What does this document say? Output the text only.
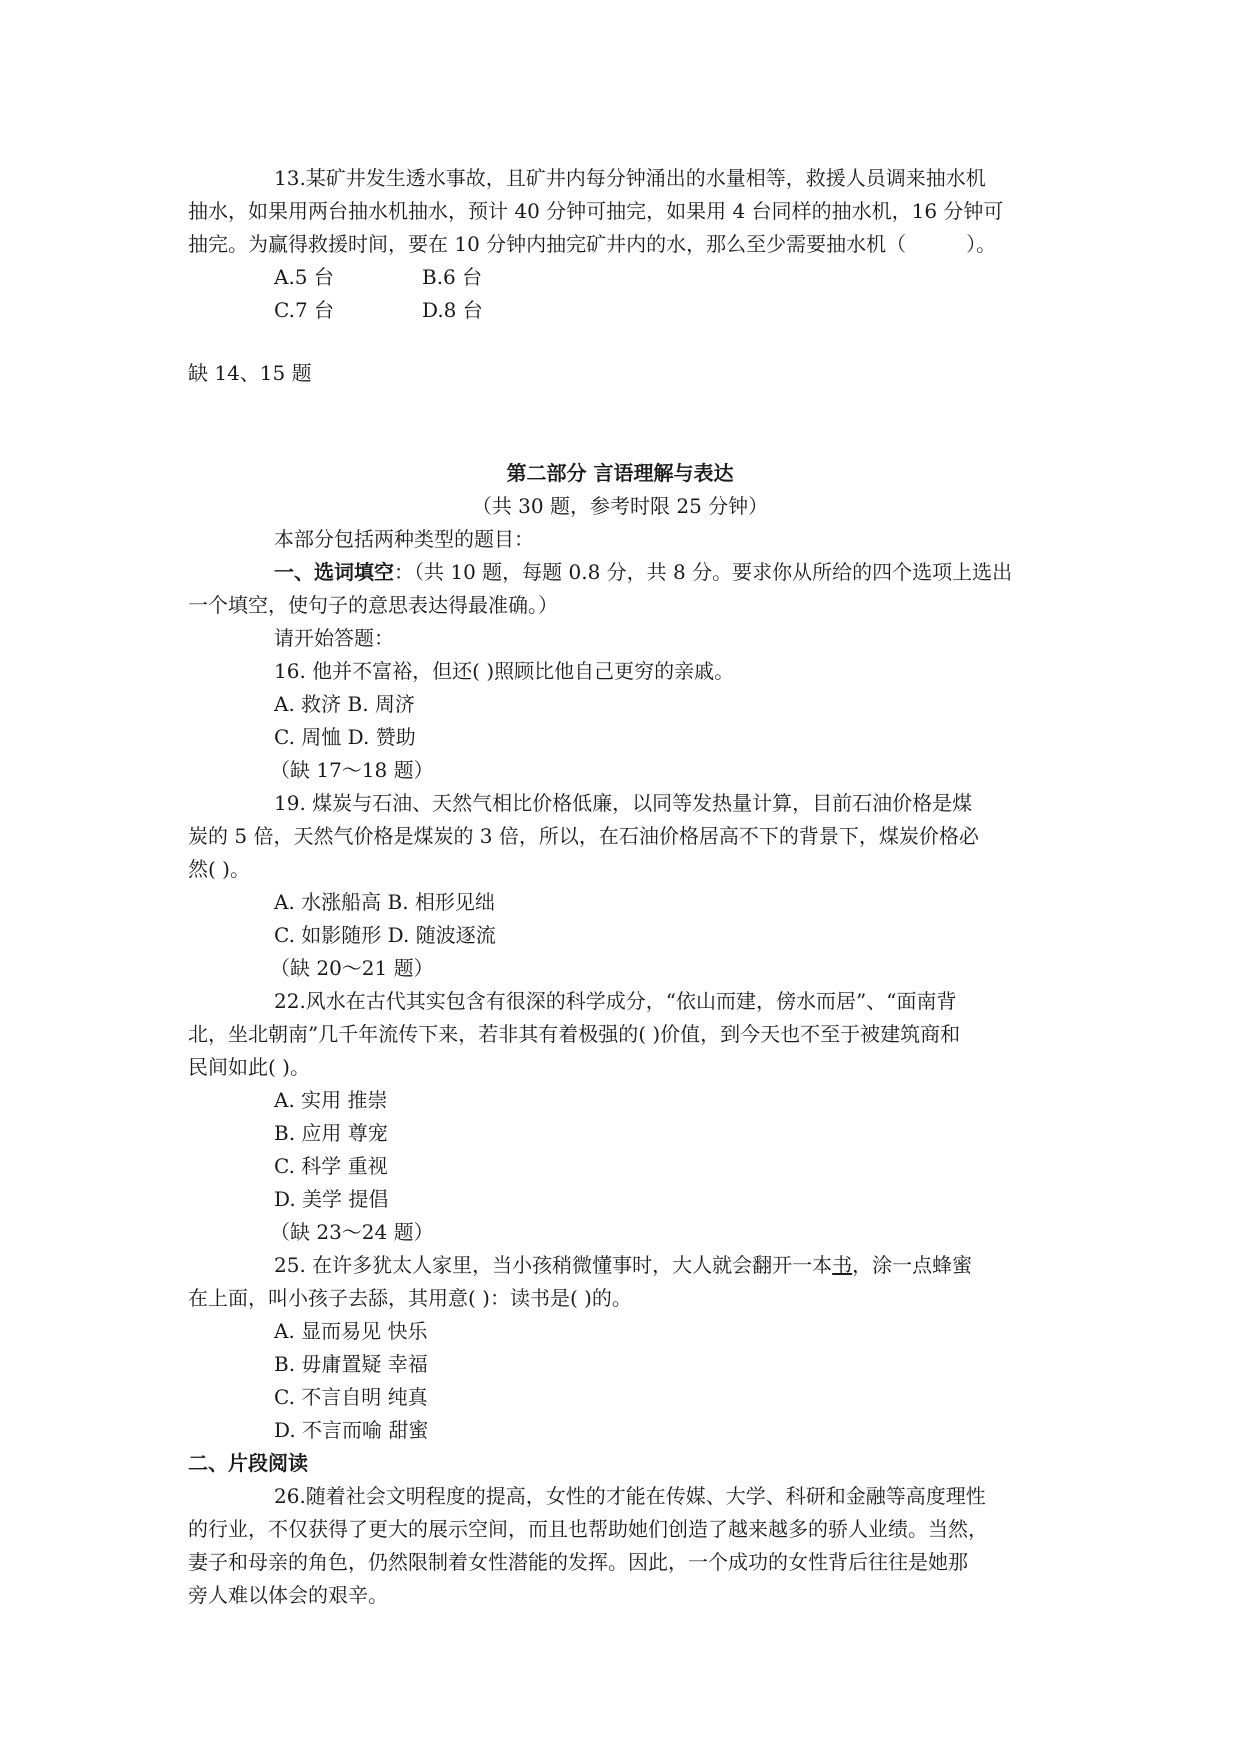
13.某矿井发生透水事故，且矿井内每分钟涌出的水量相等，救援人员调来抽水机
抽水，如果用两台抽水机抽水，预计 40 分钟可抽完，如果用 4 台同样的抽水机，16 分钟可
抽完。为赢得救援时间，要在 10 分钟内抽完矿井内的水，那么至少需要抽水机（　　　）。
A.5 台	B.6 台
C.7 台	D.8 台
缺 14、15 题
第二部分 言语理解与表达
（共 30 题，参考时限 25 分钟）
本部分包括两种类型的题目：
一、选词填空：（共 10 题，每题 0.8 分，共 8 分。要求你从所给的四个选项上选出
一个填空，使句子的意思表达得最准确。）
请开始答题：
16. 他并不富裕，但还( )照顾比他自己更穷的亲戚。
A. 救济 B. 周济
C. 周恤 D. 赞助
（缺 17～18 题）
19. 煤炭与石油、天然气相比价格低廉，以同等发热量计算，目前石油价格是煤
炭的 5 倍，天然气价格是煤炭的 3 倍，所以，在石油价格居高不下的背景下，煤炭价格必
然( )。
A. 水涨船高 B. 相形见绌
C. 如影随形 D. 随波逐流
（缺 20～21 题）
22.风水在古代其实包含有很深的科学成分，“依山而建，傍水而居”、“面南背
北，坐北朝南”几千年流传下来，若非其有着极强的( )价值，到今天也不至于被建筑商和
民间如此( )。
A. 实用 推崇
B. 应用 尊宠
C. 科学 重视
D. 美学 提倡
（缺 23～24 题）
25. 在许多犹太人家里，当小孩稍微懂事时，大人就会翻开一本书，涂一点蜂蜜
在上面，叫小孩子去舔，其用意( )：读书是( )的。
A. 显而易见 快乐
B. 毋庸置疑 幸福
C. 不言自明 纯真
D. 不言而喻 甜蜜
二、片段阅读
26.随着社会文明程度的提高，女性的才能在传媒、大学、科研和金融等高度理性
的行业，不仅获得了更大的展示空间，而且也帮助她们创造了越来越多的骄人业绩。当然，
妻子和母亲的角色，仍然限制着女性潜能的发挥。因此，一个成功的女性背后往往是她那
旁人难以体会的艰辛。
